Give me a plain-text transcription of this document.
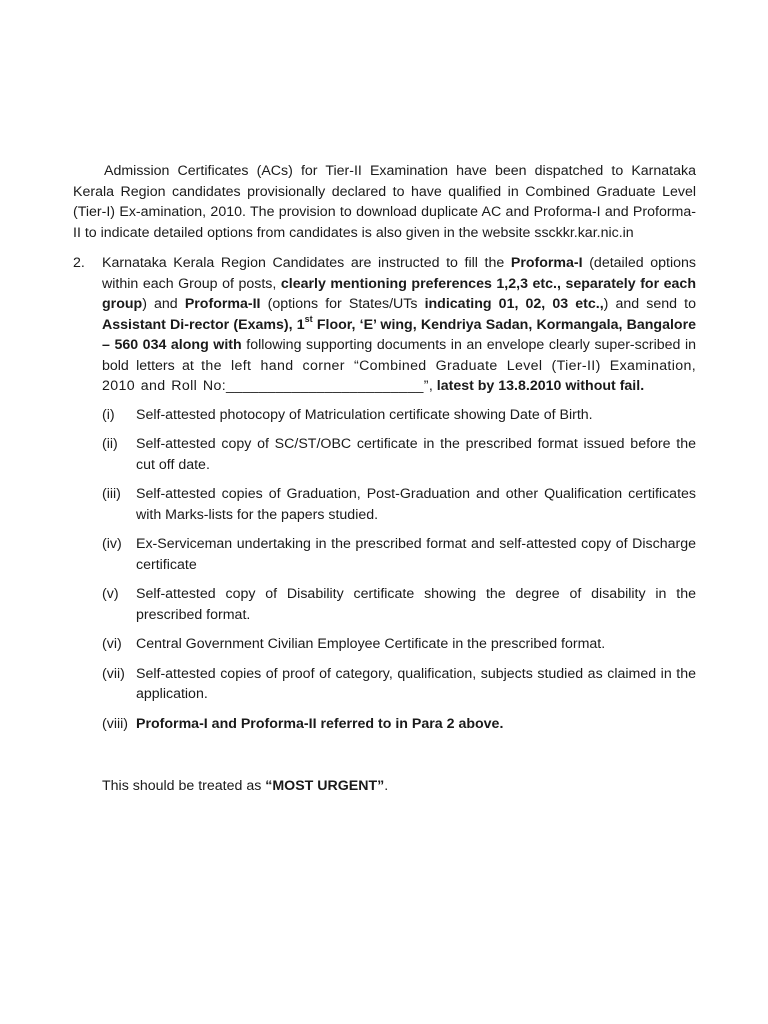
Admission Certificates (ACs) for Tier-II Examination have been dispatched to Karnataka Kerala Region candidates provisionally declared to have qualified in Combined Graduate Level (Tier-I) Ex-amination, 2010. The provision to download duplicate AC and Proforma-I and Proforma-II to indicate detailed options from candidates is also given in the website ssckkr.kar.nic.in

2. Karnataka Kerala Region Candidates are instructed to fill the Proforma-I (detailed options within each Group of posts, clearly mentioning preferences 1,2,3 etc., separately for each group) and Proforma-II (options for States/UTs indicating 01, 02, 03 etc.,) and send to Assistant Di-rector (Exams), 1st Floor, ‘E’ wing, Kendriya Sadan, Kormangala, Bangalore – 560 034 along with following supporting documents in an envelope clearly super-scribed in bold letters at the left hand corner “Combined Graduate Level (Tier-II) Examination, 2010 and Roll No:________________________”, latest by 13.8.2010 without fail.
(i) Self-attested photocopy of Matriculation certificate showing Date of Birth.
(ii) Self-attested copy of SC/ST/OBC certificate in the prescribed format issued before the cut off date.
(iii) Self-attested copies of Graduation, Post-Graduation and other Qualification certificates with Marks-lists for the papers studied.
(iv) Ex-Serviceman undertaking in the prescribed format and self-attested copy of Discharge certificate
(v) Self-attested copy of Disability certificate showing the degree of disability in the prescribed format.
(vi) Central Government Civilian Employee Certificate in the prescribed format.
(vii) Self-attested copies of proof of category, qualification, subjects studied as claimed in the application.
(viii) Proforma-I and Proforma-II referred to in Para 2 above.
This should be treated as “MOST URGENT”.
